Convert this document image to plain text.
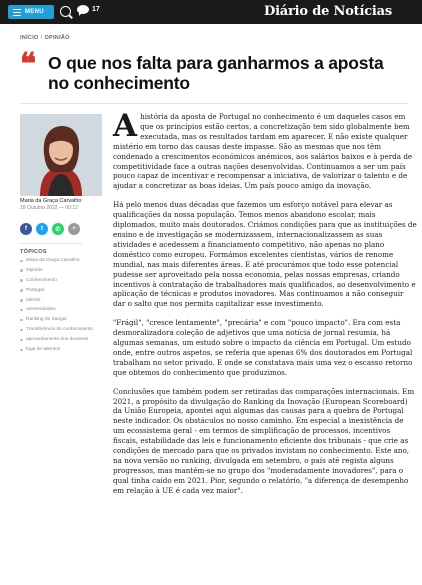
MENU	17	Diário de Notícias
INÍCIO / OPINIÃO
❝ O que nos falta para ganharmos a aposta no conhecimento
Maria da Graça Carvalho
18 Outubro 2022 — 00:12
f	t	✆	+
TÓPICOS
Maria da Graça Carvalho
Opinião
Conhecimento
Portugal
talento
universidades
Ranking de Xangai
Transferência do conhecimento
aproveitamento dos doutores
fuga de talentos

A história da aposta de Portugal no conhecimento é um daqueles casos em que os princípios estão certos, a concretização tem sido globalmente bem executada, mas os resultados tardam em aparecer. E não existe qualquer mistério em torno das causas deste impasse. São as mesmas que nos têm condenado a crescimentos económicos anémicos, aos salários baixos e à perda de competitividade face a outras nações desenvolvidas. Continuamos a ser um país pouco capaz de incentivar e recompensar a iniciativa, de valorizar o talento e de ajudar a concretizar as boas ideias. Um país pouco amigo da inovação.

Há pelo menos duas décadas que fazemos um esforço notável para elevar as qualificações da nossa população. Temos menos abandono escolar, mais diplomados, muito mais doutorados. Criámos condições para que as instituições de ensino e de investigação se modernizassem, internacionalizassem as suas atividades e acedessem a financiamento competitivo, não apenas no plano doméstico como europeu. Formámos excelentes cientistas, vários de renome mundial, nas mais diferentes áreas. E até procurámos que todo esse potencial pudesse ser aproveitado pela nossa economia, pelas nossas empresas, criando incentivos à contratação de trabalhadores mais qualificados, ao desenvolvimento e aplicação de técnicas e produtos inovadores. Mas continuamos a não conseguir dar o salto que nos permita capitalizar esse investimento.

"Frágil", "cresce lentamente", "precária" e com "pouco impacto". Era com esta desmoralizadora coleção de adjetivos que uma notícia de jornal resumia, há algumas semanas, um estudo sobre o impacto da ciência em Portugal. Um estudo onde, entre outros aspetos, se referia que apenas 6% dos doutorados em Portugal trabalham no setor privado. E onde se constatava mais uma vez o escasso retorno que obtemos do conhecimento que produzimos.

Conclusões que também podem ser retiradas das comparações internacionais. Em 2021, a propósito da divulgação do Ranking da Inovação (European Scoreboard) da União Europeia, apontei aqui algumas das causas para a quebra de Portugal neste indicador. Os obstáculos no nosso caminho. Em especial a inexistência de um ecossistema geral - em termos de simplificação de processos, incentivos fiscais, estabilidade das leis e funcionamento eficiente dos tribunais - que crie as condições de mercado para que os privados invistam no conhecimento. Este ano, na nova versão no ranking, divulgada em setembro, o país até regista alguns progressos, mas mantém-se no grupo dos "moderadamente inovadores", para o qual tinha caído em 2021. Pior, segundo o relatório, "a diferença de desempenho em relação à UE é cada vez maior".
